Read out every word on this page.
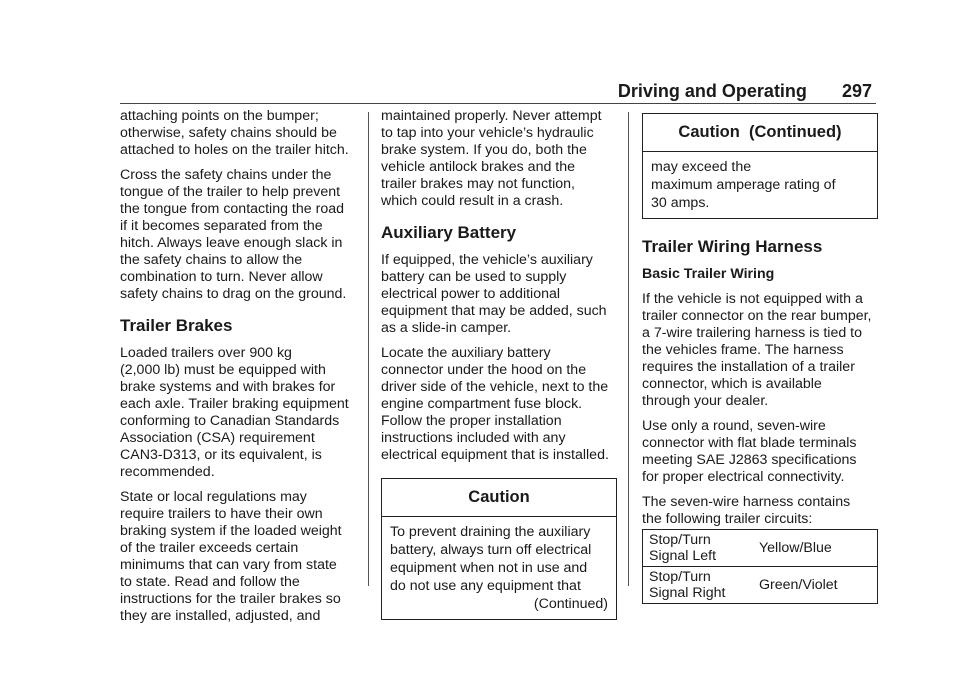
Driving and Operating 297
attaching points on the bumper;
otherwise, safety chains should be
attached to holes on the trailer hitch.
Cross the safety chains under the
tongue of the trailer to help prevent
the tongue from contacting the road
if it becomes separated from the
hitch. Always leave enough slack in
the safety chains to allow the
combination to turn. Never allow
safety chains to drag on the ground.
Trailer Brakes
Loaded trailers over 900 kg
(2,000 lb) must be equipped with
brake systems and with brakes for
each axle. Trailer braking equipment
conforming to Canadian Standards
Association (CSA) requirement
CAN3-D313, or its equivalent, is
recommended.
State or local regulations may
require trailers to have their own
braking system if the loaded weight
of the trailer exceeds certain
minimums that can vary from state
to state. Read and follow the
instructions for the trailer brakes so
they are installed, adjusted, and
maintained properly. Never attempt
to tap into your vehicle’s hydraulic
brake system. If you do, both the
vehicle antilock brakes and the
trailer brakes may not function,
which could result in a crash.
Auxiliary Battery
If equipped, the vehicle’s auxiliary
battery can be used to supply
electrical power to additional
equipment that may be added, such
as a slide-in camper.
Locate the auxiliary battery
connector under the hood on the
driver side of the vehicle, next to the
engine compartment fuse block.
Follow the proper installation
instructions included with any
electrical equipment that is installed.
Caution
To prevent draining the auxiliary
battery, always turn off electrical
equipment when not in use and
do not use any equipment that
(Continued)
Caution  (Continued)
may exceed the
maximum amperage rating of
30 amps.
Trailer Wiring Harness
Basic Trailer Wiring
If the vehicle is not equipped with a
trailer connector on the rear bumper,
a 7-wire trailering harness is tied to
the vehicles frame. The harness
requires the installation of a trailer
connector, which is available
through your dealer.
Use only a round, seven-wire
connector with flat blade terminals
meeting SAE J2863 specifications
for proper electrical connectivity.
The seven-wire harness contains
the following trailer circuits:
Stop/Turn
Signal Left
Yellow/Blue
Stop/Turn
Signal Right
Green/Violet
